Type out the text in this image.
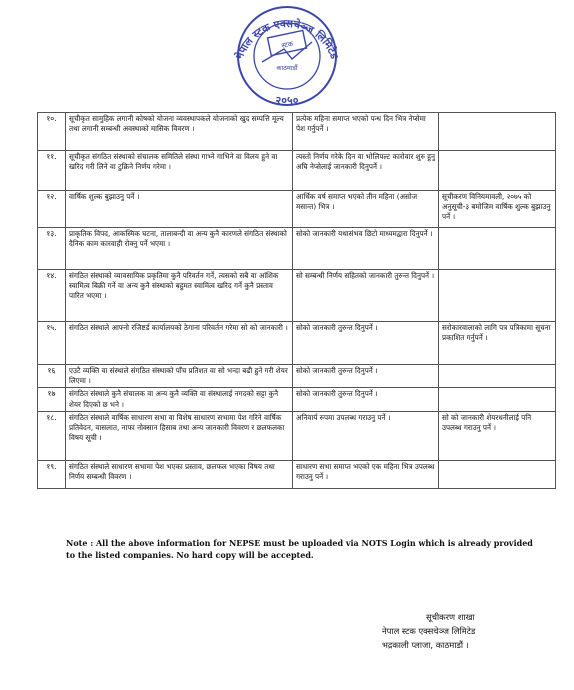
नेपाल स्टक एक्सचेञ्ज लिमिटेड
स्टक
काठमाडौं
२०५०
१०.	सूचीकृत सामुहिक लगानी कोषको योजना व्यवस्थापकले योजनाको खुद सम्पत्ति मूल्य तथा लगानी सम्बन्धी अवस्थाको मासिक विवरण ।	प्रत्येक महिना समाप्त भएको पन्ध दिन भित्र नेप्सेमा पेश गर्नुपर्ने ।	
११.	सूचीकृत संगठित संस्थाको संचालक समितिले संस्था गाभ्ने गाभिने वा विलय हुने वा खरिद गरी लिने वा टुक्रिने निर्णय गरेमा ।	त्यस्तो निर्णय गरेके दिन वा भोलिपल्ट कारोवार शुरु हुनु अघि नेप्सेलाई जानकारी दिनुपर्ने ।	
१२.	वार्षिक शुल्क बुझाउनु पर्ने ।	आर्थिक वर्ष समाप्त भएको तीन महिना (असोज मसान्त) भित्र ।	सूचीकरण विनियमावली, २०७५ को अनुसूची-३ बमोजिम वार्षिक शुल्क बुझाउनु पर्ने ।
१३.	प्राकृतिक विपद, आकस्मिक घटना, तालाबन्दी वा अन्य कुनै कारणले संगठित संस्थाको दैनिक काम कारवाही रोक्नु पर्ने भएमा ।	सोको जानकारी यथासंभव छिटो माध्यमद्वारा दिनुपर्ने ।	
१४.	संगठित संस्थाको व्यावसायिक प्रकृतिमा कुनै परिवर्तन गर्ने, त्यसको सबै वा आंशिक स्वामित्व बिक्री गर्ने वा अन्य कुनै संस्थाको बहुमत स्वामित्व खरिद गर्ने कुनै प्रस्ताव पारित भएमा ।	सो सम्बन्धी निर्णय सहितको जानकारी तुरुन्त दिनुपर्ने ।	
१५.	संगठित संस्थाले आफ्नो रजिष्टर्ड कार्यालयको ठेगाना परिवर्तन गरेमा सो को जानकारी ।	सोको जानकारी तुरुन्त दिनुपर्ने ।	सरोकारवालाको लागि पत्र पत्रिकामा सूचना प्रकाशित गर्नुपर्ने ।
१६	एउटै व्यक्ति वा संस्थाले संगठित संस्थाको पाँच प्रतिशत वा सो भन्दा बढी हुने गरी शेयर लिएमा ।	सोको जानकारी तुरुन्त दिनुपर्ने ।	
१७	संगठित संस्थाले कुनै संचालक वा अन्य कुनै व्यक्ति वा संस्थालाई नगदको सट्टा कुनै शेयर दिएको छ भने ।	सोको जानकारी तुरुन्त दिनुपर्ने ।	
१८.	संगठित संस्थाले वार्षिक साधारण सभा वा विशेष साधारण सभामा पेश गरिने वार्षिक प्रतिवेदन, वासलात, नाफा नोक्सान हिसाब तथा अन्य जानकारी विवरण र छलफलका विषय सूची ।	अनिवार्य रुपमा उपलब्ध गराउनु पर्ने ।	सो को जानकारी शेयरधनीलाई पनि उपलब्ध गराउनु पर्ने ।
१९.	संगठित संस्थाले साधारण सभामा पेश भएका प्रस्ताव, छलफल भएका विषय तथा निर्णय सम्बन्धी विवरण ।	साधारण सभा समाप्त भएको एक महिना भित्र उपलब्ध गराउनु पर्ने ।	
Note : All the above information for NEPSE must be uploaded via NOTS Login which is already provided to the listed companies. No hard copy will be accepted.
सूचीकरण शाखा
नेपाल स्टक एक्सचेञ्ज लिमिटेड
भद्रकाली प्लाजा, काठमाडौं ।
